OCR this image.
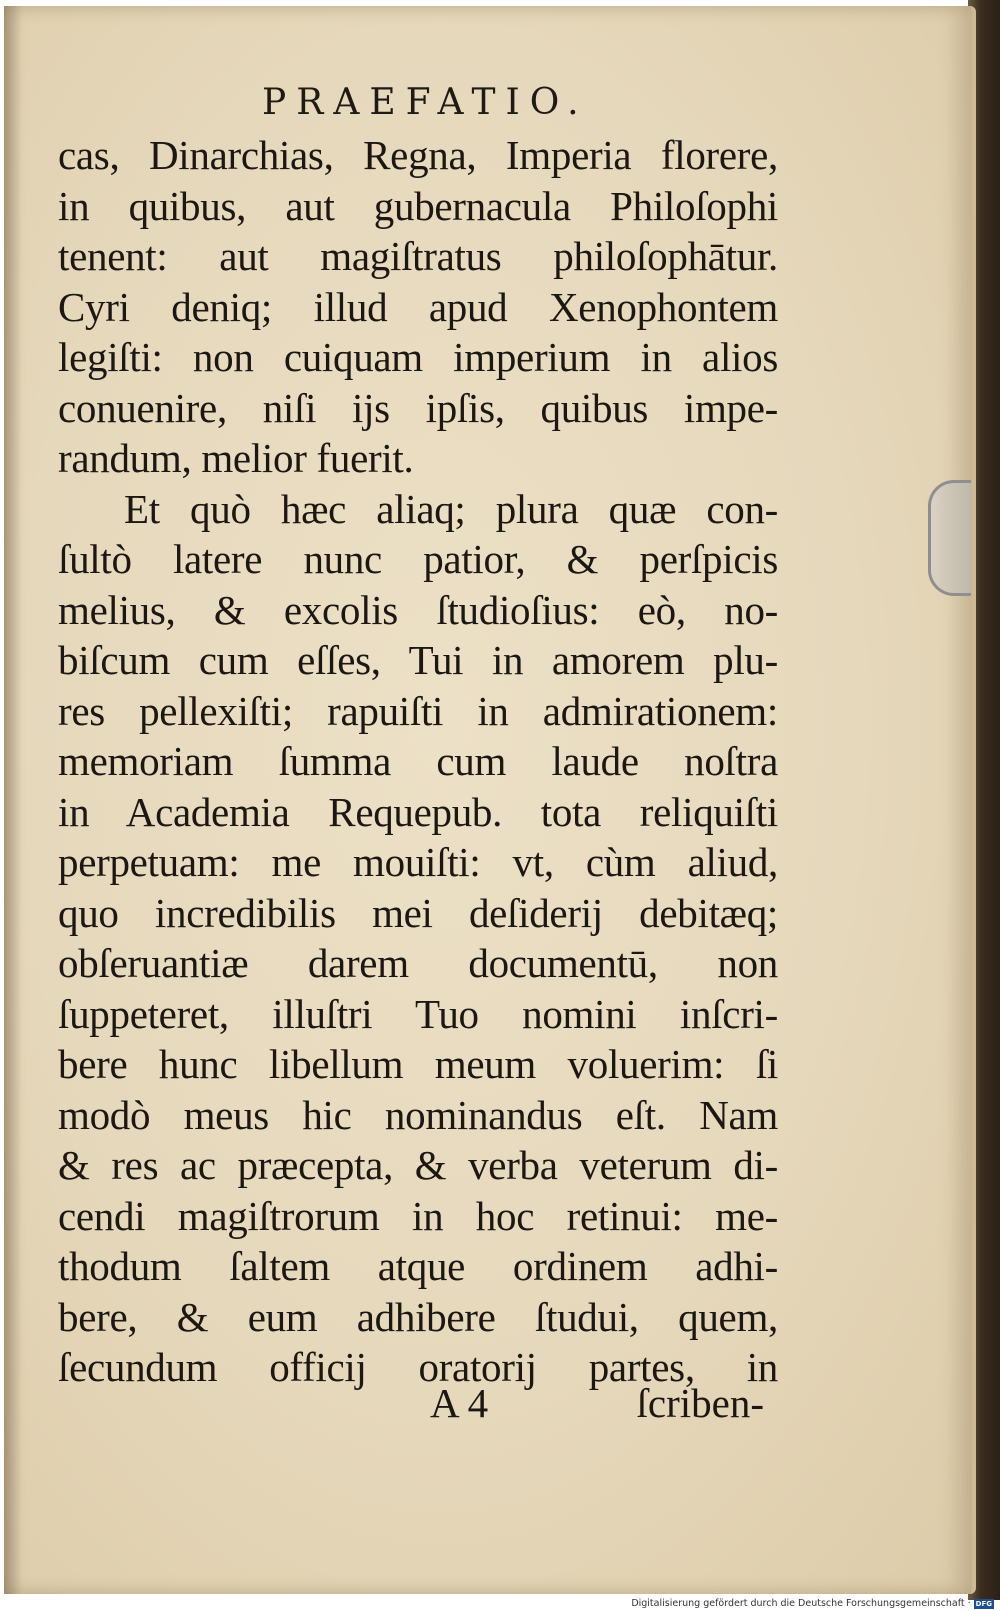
PRAEFATIO.
cas, Dinarchias, Regna, Imperia florere,
in quibus, aut gubernacula Philoſophi
tenent: aut magiſtratus philoſophātur.
Cyri deniq; illud apud Xenophontem
legiſti: non cuiquam imperium in alios
conuenire, niſi ijs ipſis, quibus impe-
randum, melior fuerit.
Et quò hæc aliaq; plura quæ con-
ſultò latere nunc patior, & perſpicis
melius, & excolis ſtudioſius: eò, no-
biſcum cum eſſes, Tui in amorem plu-
res pellexiſti; rapuiſti in admirationem:
memoriam ſumma cum laude noſtra
in Academia Requepub. tota reliquiſti
perpetuam: me mouiſti: vt, cùm aliud,
quo incredibilis mei deſiderij debitæq;
obſeruantiæ darem documentū, non
ſuppeteret, illuſtri Tuo nomini inſcri-
bere hunc libellum meum voluerim: ſi
modò meus hic nominandus eſt. Nam
& res ac præcepta, & verba veterum di-
cendi magiſtrorum in hoc retinui: me-
thodum ſaltem atque ordinem adhi-
bere, & eum adhibere ſtudui, quem,
ſecundum officij oratorij partes, in
A 4	ſcriben-
Digitalisierung gefördert durch die Deutsche Forschungsgemeinschaft · DFG
